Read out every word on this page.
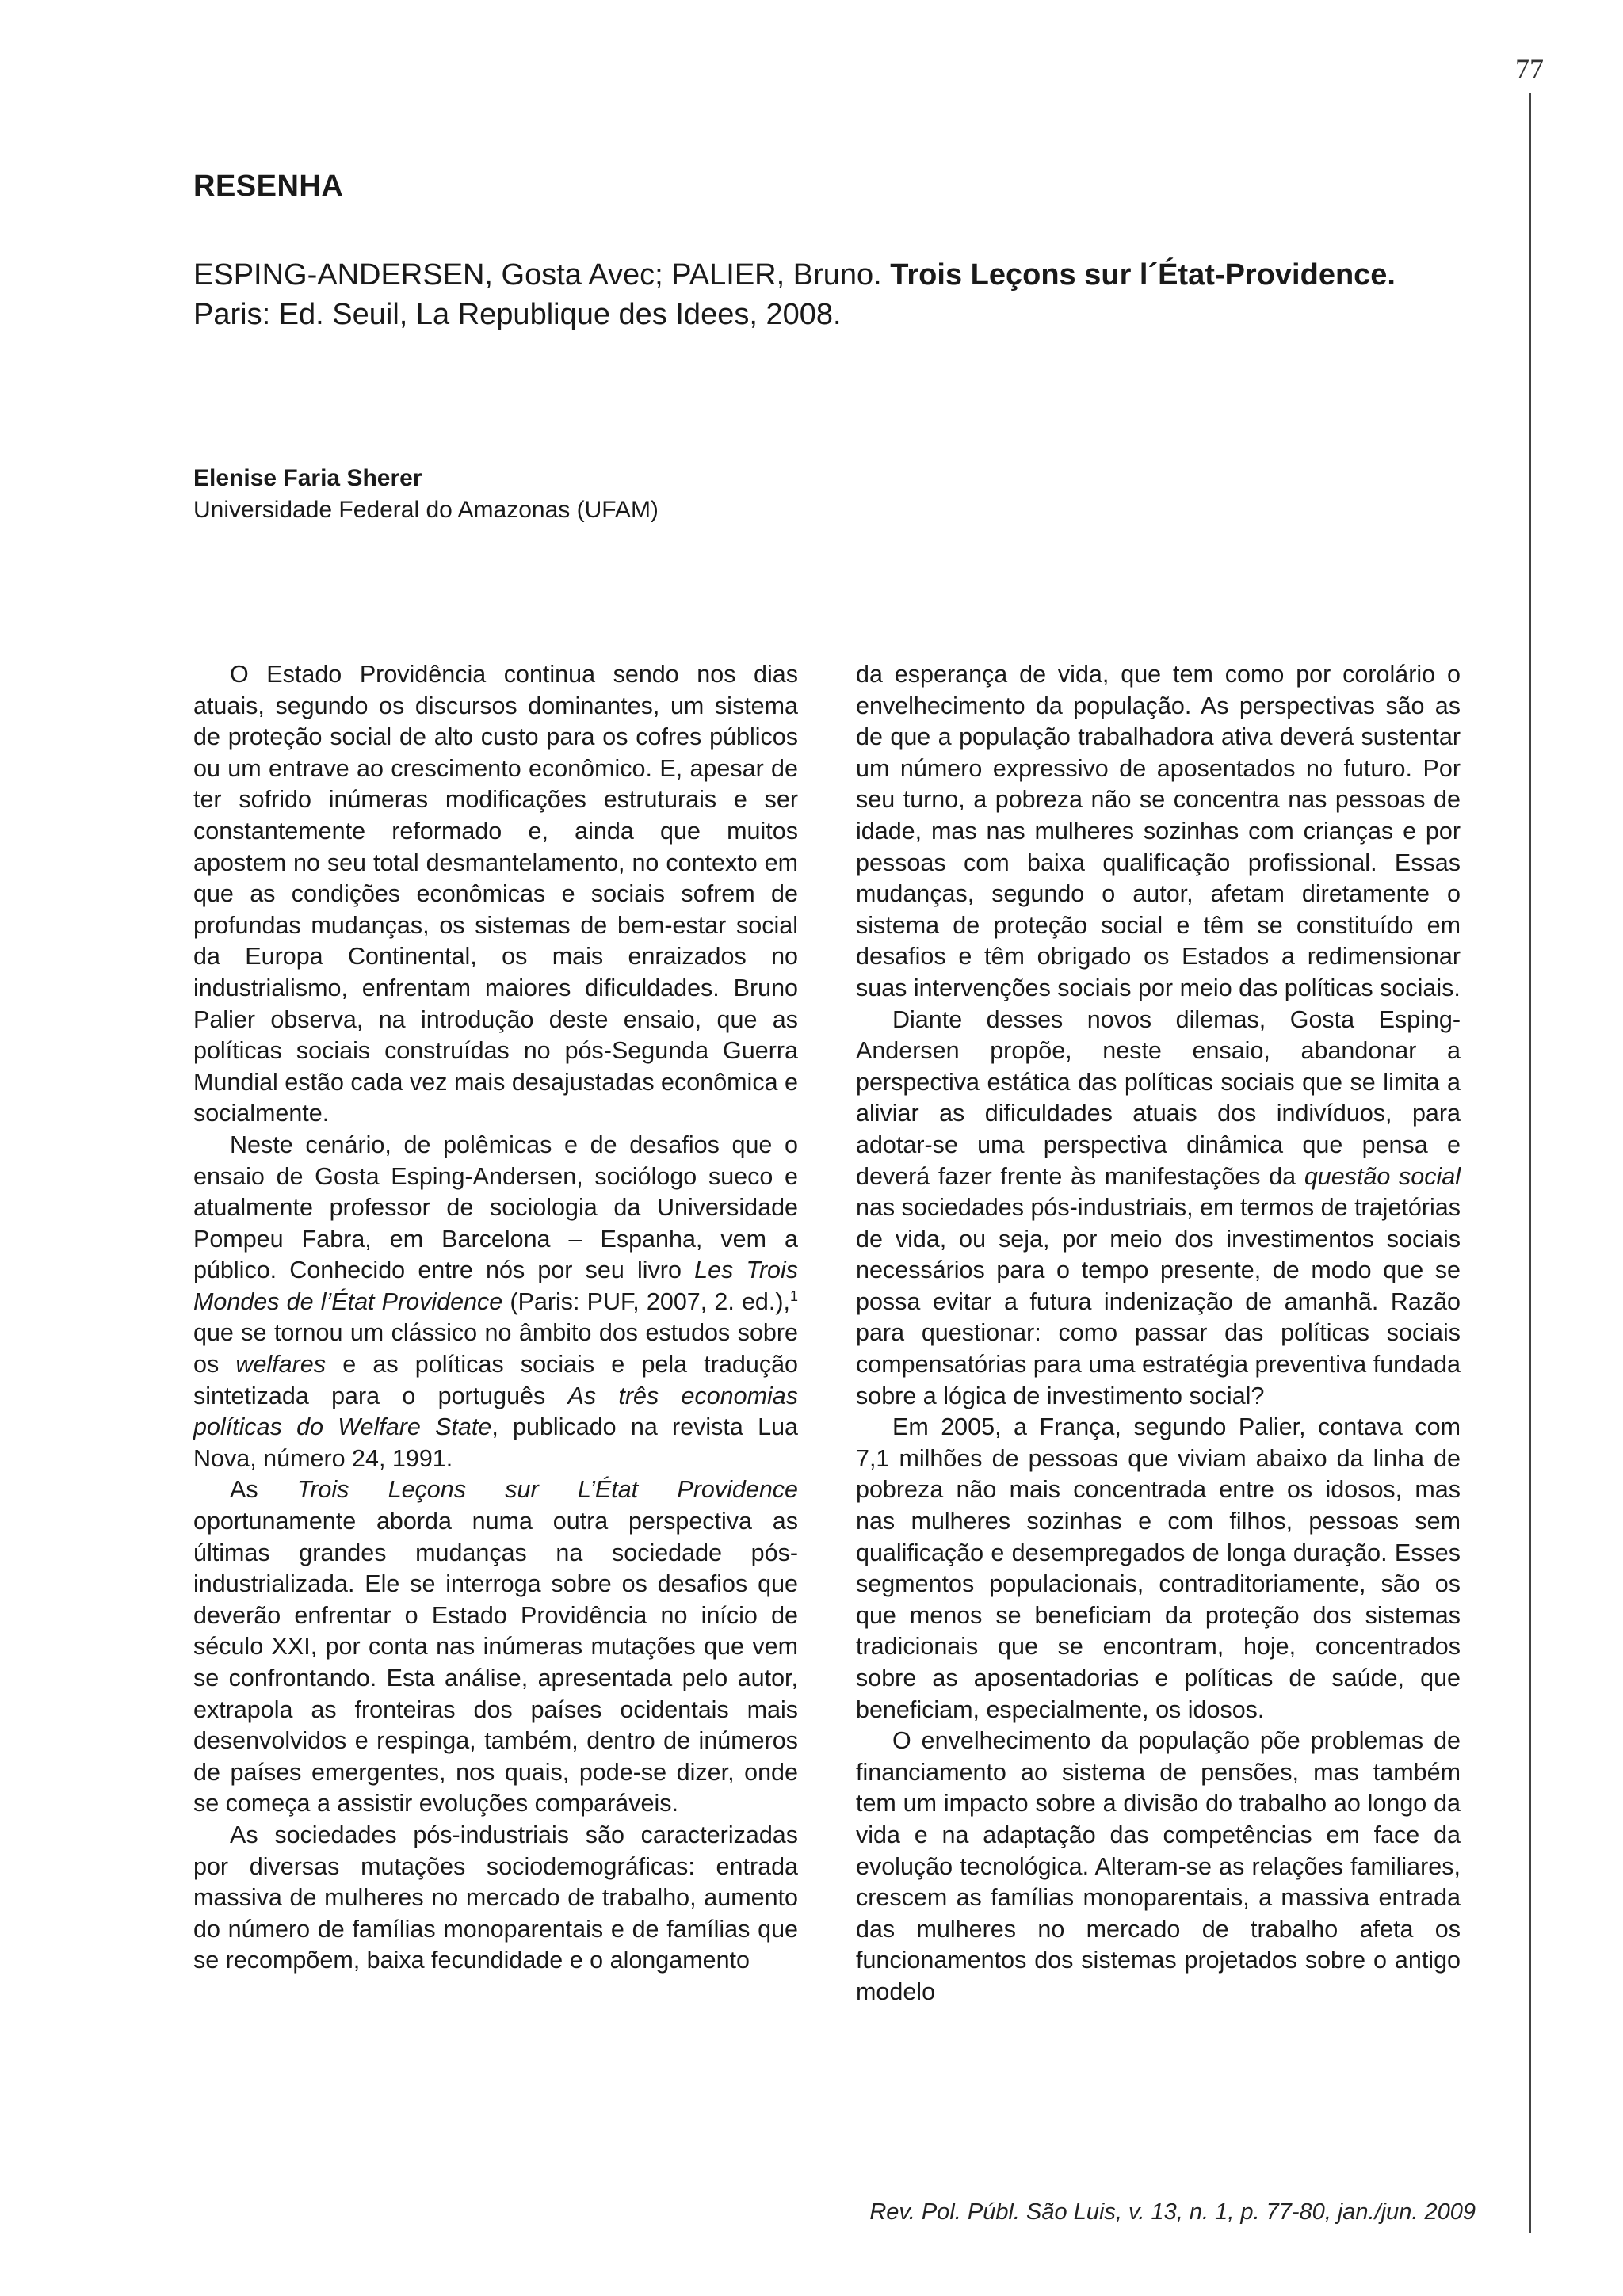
77
RESENHA
ESPING-ANDERSEN, Gosta Avec; PALIER, Bruno. Trois Leçons sur l´État-Providence.
Paris: Ed. Seuil, La Republique des Idees, 2008.
Elenise Faria Sherer
Universidade Federal do Amazonas (UFAM)

O Estado Providência continua sendo nos dias atuais, segundo os discursos dominantes, um sistema de proteção social de alto custo para os cofres públicos ou um entrave ao crescimento econômico. E, apesar de ter sofrido inúmeras modificações estruturais e ser constantemente reformado e, ainda que muitos apostem no seu total desmantelamento, no contexto em que as condições econômicas e sociais sofrem de profundas mudanças, os sistemas de bem-estar social da Europa Continental, os mais enraizados no industrialismo, enfrentam maiores dificuldades. Bruno Palier observa, na introdução deste ensaio, que as políticas sociais construídas no pós-Segunda Guerra Mundial estão cada vez mais desajustadas econômica e socialmente.

Neste cenário, de polêmicas e de desafios que o ensaio de Gosta Esping-Andersen, sociólogo sueco e atualmente professor de sociologia da Universidade Pompeu Fabra, em Barcelona – Espanha, vem a público. Conhecido entre nós por seu livro Les Trois Mondes de l’État Providence (Paris: PUF, 2007, 2. ed.),$^1$ que se tornou um clássico no âmbito dos estudos sobre os welfares e as políticas sociais e pela tradução sintetizada para o português As três economias políticas do Welfare State, publicado na revista Lua Nova, número 24, 1991.

As Trois Leçons sur L’État Providence oportunamente aborda numa outra perspectiva as últimas grandes mudanças na sociedade pós-industrializada. Ele se interroga sobre os desafios que deverão enfrentar o Estado Providência no início de século XXI, por conta nas inúmeras mutações que vem se confrontando. Esta análise, apresentada pelo autor, extrapola as fronteiras dos países ocidentais mais desenvolvidos e respinga, também, dentro de inúmeros de países emergentes, nos quais, pode-se dizer, onde se começa a assistir evoluções comparáveis.

As sociedades pós-industriais são caracterizadas por diversas mutações sociodemográficas: entrada massiva de mulheres no mercado de trabalho, aumento do número de famílias monoparentais e de famílias que se recompõem, baixa fecundidade e o alongamento

da esperança de vida, que tem como por corolário o envelhecimento da população. As perspectivas são as de que a população trabalhadora ativa deverá sustentar um número expressivo de aposentados no futuro. Por seu turno, a pobreza não se concentra nas pessoas de idade, mas nas mulheres sozinhas com crianças e por pessoas com baixa qualificação profissional. Essas mudanças, segundo o autor, afetam diretamente o sistema de proteção social e têm se constituído em desafios e têm obrigado os Estados a redimensionar suas intervenções sociais por meio das políticas sociais.

Diante desses novos dilemas, Gosta Esping-Andersen propõe, neste ensaio, abandonar a perspectiva estática das políticas sociais que se limita a aliviar as dificuldades atuais dos indivíduos, para adotar-se uma perspectiva dinâmica que pensa e deverá fazer frente às manifestações da questão social nas sociedades pós-industriais, em termos de trajetórias de vida, ou seja, por meio dos investimentos sociais necessários para o tempo presente, de modo que se possa evitar a futura indenização de amanhã. Razão para questionar: como passar das políticas sociais compensatórias para uma estratégia preventiva fundada sobre a lógica de investimento social?

Em 2005, a França, segundo Palier, contava com 7,1 milhões de pessoas que viviam abaixo da linha de pobreza não mais concentrada entre os idosos, mas nas mulheres sozinhas e com filhos, pessoas sem qualificação e desempregados de longa duração. Esses segmentos populacionais, contraditoriamente, são os que menos se beneficiam da proteção dos sistemas tradicionais que se encontram, hoje, concentrados sobre as aposentadorias e políticas de saúde, que beneficiam, especialmente, os idosos.

O envelhecimento da população põe problemas de financiamento ao sistema de pensões, mas também tem um impacto sobre a divisão do trabalho ao longo da vida e na adaptação das competências em face da evolução tecnológica. Alteram-se as relações familiares, crescem as famílias monoparentais, a massiva entrada das mulheres no mercado de trabalho afeta os funcionamentos dos sistemas projetados sobre o antigo modelo

Rev. Pol. Públ. São Luis, v. 13, n. 1, p. 77-80, jan./jun. 2009
